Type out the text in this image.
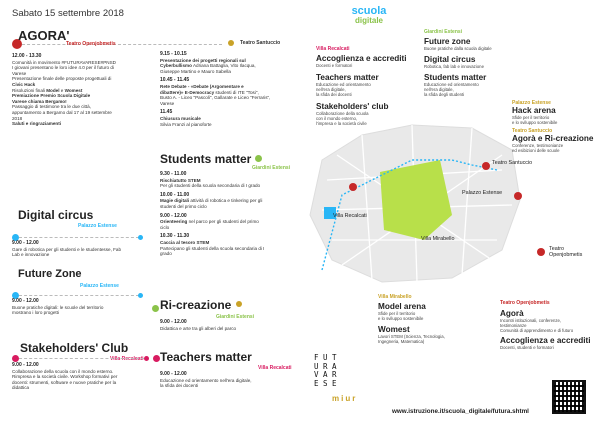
Sabato 15 settembre 2018
AGORA'
Teatro Openjobmetis
12.00 - 13.30
Comunità in movimento #FUTURAVARESE#PNSD
I giovani presentano le loro idee 4.0 per il futuro di
Varese
Presentazione finale delle proposte progettuali di
Civic Hack
Risoluzioni finali Model e Womest
Premiazione Premio Scuola Digitale
Varese chiama Bergamo!
Passaggio di testimone tra le due città,
appuntamento a Bergamo dal 17 al 19 settembre
2018
Saluti e ringraziamenti
Teatro Santuccio
9.15 - 10.15
Presentazione dei progetti regionali sul
Cyberbullismo Adriana Battaglia, Vito Ilacqua,
Giuseppe Martino e Mauro Sabella
10.45 - 11.45
Rete Debate - «Debate (Argomentare e
dibattere)» E-Democracy studenti di ITE "Tosi",
Busto A. - Liceo "Pascoli", Gallarate e Liceo "Ferraris",
Varese
11.45
Chiusura musicale
Silvia Franzi al pianoforte
Students matter
Giardini Estensi
9.30 - 11.00
Rischiatutto STEM
Per gli studenti della scuola secondaria di I grado
10.00 - 11.00
Magie digitali attività di robotica e tinkering per gli
studenti del primo ciclo
9.00 - 12.00
Orienteering nel parco per gli studenti del primo
ciclo
10.30 - 11.30
Caccia al tesoro STEM
Partecipano gli studenti della scuola secondaria di I
grado
Digital circus
Palazzo Estense
9.00 - 12.00
Gare di robotica per gli studenti e le studentesse, Fab
Lab e innovazione
Future Zone
Palazzo Estense
9.00 - 12.00
Buone pratiche digitali: le scuole del territorio
mostrano i loro progetti
Ri-creazione
Giardini Estensi
9.00 - 12.00
Didattica e arte tra gli alberi del parco
Stakeholders' Club
Villa Recalcati
9.00 - 12.00
Collaborazione della scuola con il mondo esterno.
Rimpresa e la società civile. Workshop formativi per
docenti: strumenti, software e nuove pratiche per la
didattica
Teachers matter
Villa Recalcati
9.00 - 12.00
Educazione ed orientamento nell'era digitale,
la sfida dei docenti
scuola
digitale
Villa Recalcati
Teatro Santuccio
Palazzo Estense
Villa Mirabello
Teatro
Openjobmetis
Villa Recalcati
Accoglienza e accrediti
Docenti e formatori
Teachers matter
Educazione ed orientamento
nell'era digitale,
la sfida dei docenti
Stakeholders' club
Collaborazione della scuola
con il mondo esterno,
l'impresa e la società civile
Giardini Estensi
Future zone
Buone pratiche dalla scuola digitale
Digital circus
Robotica, fab lab e innovazione
Students matter
Educazione ed orientamento
nell'era digitale,
la sfida degli studenti
Palazzo Estense
Hack arena
Sfide per il territorio
e lo sviluppo sostenibile
Teatro Santuccio
Agorà e Ri-creazione
Conferenze, testimonianze
ed esibizioni delle scuole
Villa Mirabello
Model arena
Sfide per il territorio
e lo sviluppo sostenibile
Womest
Lavori STEM (Scienza, Tecnologia,
Ingegneria, Matematica)
Teatro Openjobmetis
Agorà
Incontri istituzionali, conferenze,
testimonianze
Comunità di apprendimento e di futuro
Accoglienza e accrediti
Docenti, studenti e formatori
FUT
URA
VAR
ESE
miur
www.istruzione.it/scuola_digitale/futura.shtml
